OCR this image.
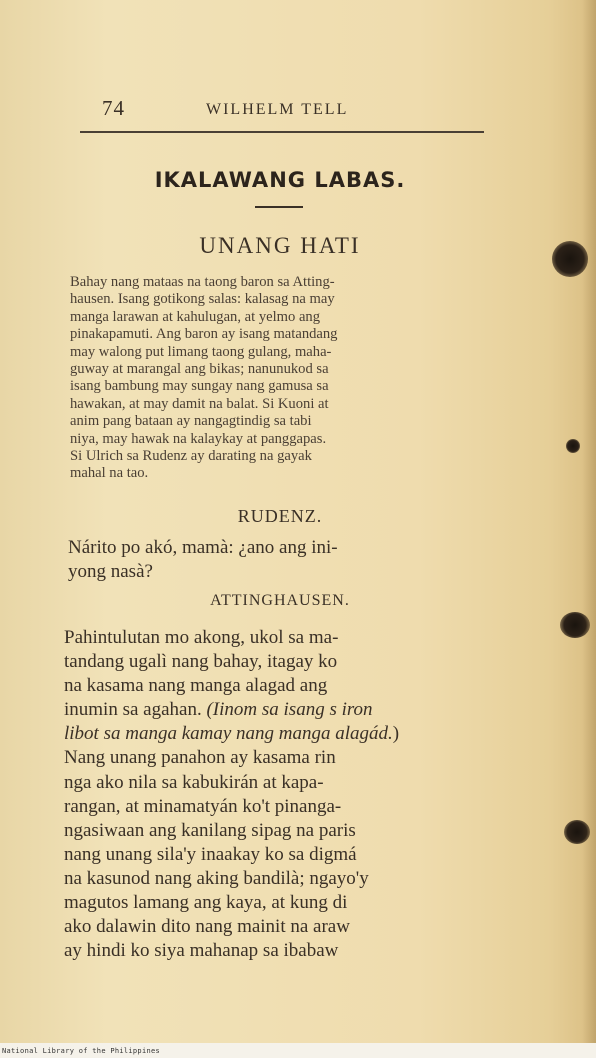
74	WILHELM TELL
IKALAWANG LABAS.
UNANG HATI

Bahay nang mataas na taong baron sa Atting-
hausen. Isang gotikong salas: kalasag na may
manga larawan at kahulugan, at yelmo ang
pinakapamuti. Ang baron ay isang matandang
may walong put limang taong gulang, maha-
guway at marangal ang bikas; nanunukod sa
isang bambung may sungay nang gamusa sa
hawakan, at may damit na balat. Si Kuoni at
anim pang bataan ay nangagtindig sa tabi
niya, may hawak na kalaykay at panggapas.
Si Ulrich sa Rudenz ay darating na gayak
mahal na tao.

RUDENZ.

Nárito po akó, mamà: ¿ano ang ini-
yong nasà?

ATTINGHAUSEN.

Pahintulutan mo akong, ukol sa ma-
tandang ugalì nang bahay, itagay ko
na kasama nang manga alagad ang
inumin sa agahan. (Iinom sa isang s iron
libot sa manga kamay nang manga alagád.)
Nang unang panahon ay kasama rin
nga ako nila sa kabukirán at kapa-
rangan, at minamatyán ko't pinanga-
ngasiwaan ang kanilang sipag na paris
nang unang sila'y inaakay ko sa digmá
na kasunod nang aking bandilà; ngayo'y
magutos lamang ang kaya, at kung di
ako dalawin dito nang mainit na araw
ay hindi ko siya mahanap sa ibabaw

National Library of the Philippines
